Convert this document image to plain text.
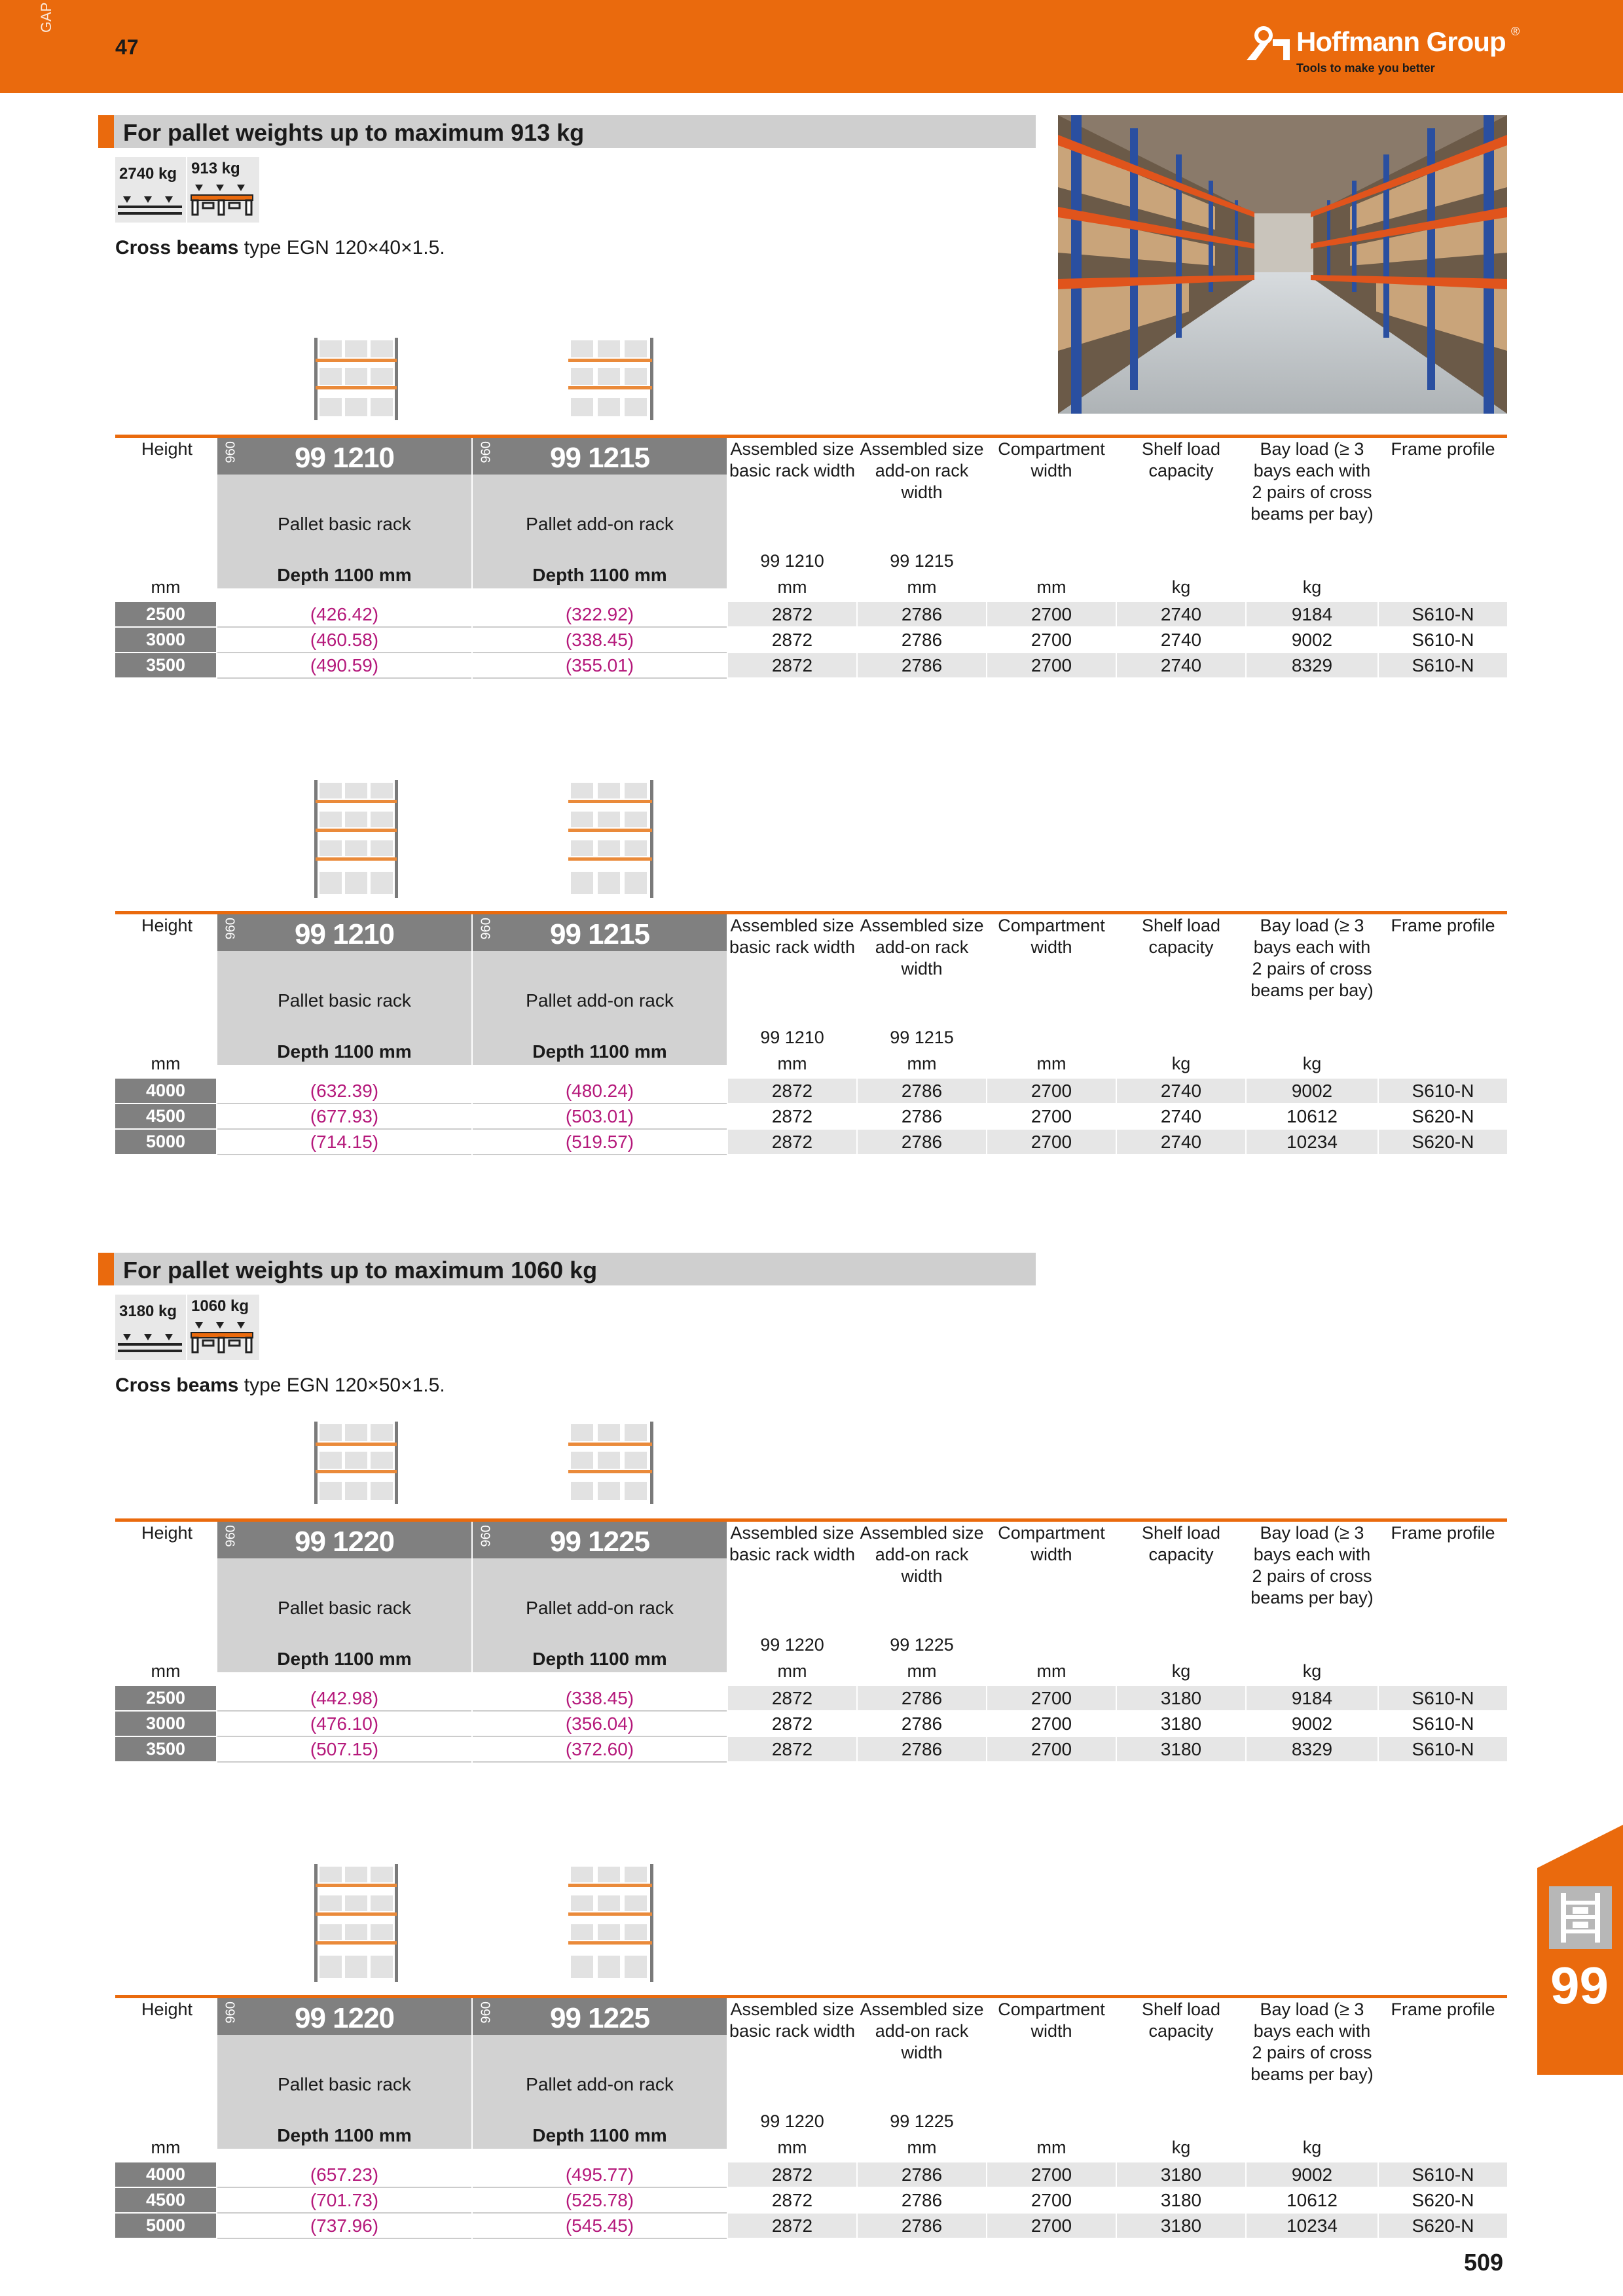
GAP
47	Hoffmann Group ®
Tools to make you better
For pallet weights up to maximum 913 kg
2740 kg 913 kg
Cross beams type EGN 120×40×1.5.
For pallet weights up to maximum 1060 kg
3180 kg 1060 kg
Cross beams type EGN 120×50×1.5.
Height 960	99 1210
Pallet basic rack
Depth 1100 mm
960	99 1215
Pallet add-on rack
Depth 1100 mm
Assembled size basic rack width
Assembled size add-on rack width
Compartment width
Shelf load capacity
Bay load (≥ 3 bays each with 2 pairs of cross beams per bay)
Frame profile
99 1210	99 1215
mm	mm	mm	mm	kg	kg
2500	(426.42)	(322.92)	2872	2786	2700	2740	9184	S610-N
3000	(460.58)	(338.45)	2872	2786	2700	2740	9002	S610-N
3500	(490.59)	(355.01)	2872	2786	2700	2740	8329	S610-N
Height 960	99 1210
Pallet basic rack
Depth 1100 mm
960	99 1215
Pallet add-on rack
Depth 1100 mm
Assembled size basic rack width
Assembled size add-on rack width
Compartment width
Shelf load capacity
Bay load (≥ 3 bays each with 2 pairs of cross beams per bay)
Frame profile
99 1210	99 1215
mm	mm	mm	mm	kg	kg
4000	(632.39)	(480.24)	2872	2786	2700	2740	9002	S610-N
4500	(677.93)	(503.01)	2872	2786	2700	2740	10612	S620-N
5000	(714.15)	(519.57)	2872	2786	2700	2740	10234	S620-N
Height 960	99 1220
Pallet basic rack
Depth 1100 mm
960	99 1225
Pallet add-on rack
Depth 1100 mm
Assembled size basic rack width
Assembled size add-on rack width
Compartment width
Shelf load capacity
Bay load (≥ 3 bays each with 2 pairs of cross beams per bay)
Frame profile
99 1220	99 1225
mm	mm	mm	mm	kg	kg
2500	(442.98)	(338.45)	2872	2786	2700	3180	9184	S610-N
3000	(476.10)	(356.04)	2872	2786	2700	3180	9002	S610-N
3500	(507.15)	(372.60)	2872	2786	2700	3180	8329	S610-N
Height 960	99 1220
Pallet basic rack
Depth 1100 mm
960	99 1225
Pallet add-on rack
Depth 1100 mm
Assembled size basic rack width
Assembled size add-on rack width
Compartment width
Shelf load capacity
Bay load (≥ 3 bays each with 2 pairs of cross beams per bay)
Frame profile
99 1220	99 1225
mm	mm	mm	mm	kg	kg
4000	(657.23)	(495.77)	2872	2786	2700	3180	9002	S610-N
4500	(701.73)	(525.78)	2872	2786	2700	3180	10612	S620-N
5000	(737.96)	(545.45)	2872	2786	2700	3180	10234	S620-N
99
509
